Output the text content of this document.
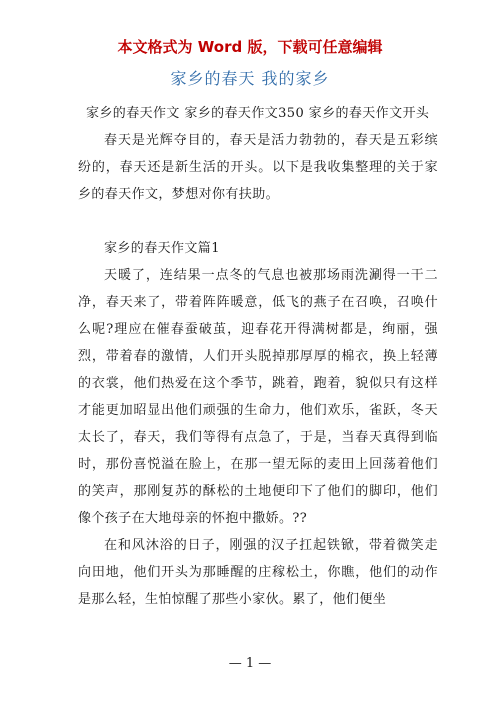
本文格式为 Word 版，下载可任意编辑
家乡的春天 我的家乡

家乡的春天作文 家乡的春天作文350 家乡的春天作文开头

春天是光辉夺目的，春天是活力勃勃的，春天是五彩缤纷的，春天还是新生活的开头。以下是我收集整理的关于家乡的春天作文，梦想对你有扶助。

家乡的春天作文篇1

天暖了，连结果一点冬的气息也被那场雨洗涮得一干二净，春天来了，带着阵阵暖意，低飞的燕子在召唤，召唤什么呢?理应在催春蚕破茧，迎春花开得满树都是，绚丽，强烈，带着春的激情，人们开头脱掉那厚厚的棉衣，换上轻薄的衣裳，他们热爱在这个季节，跳着，跑着，貌似只有这样才能更加昭显出他们顽强的生命力，他们欢乐，雀跃，冬天太长了，春天，我们等得有点急了，于是，当春天真得到临时，那份喜悦溢在脸上，在那一望无际的麦田上回荡着他们的笑声，那刚复苏的酥松的土地便印下了他们的脚印，他们像个孩子在大地母亲的怀抱中撒娇。??

在和风沐浴的日子，刚强的汉子扛起铁锨，带着微笑走向田地，他们开头为那睡醒的庄稼松土，你瞧，他们的动作是那么轻，生怕惊醒了那些小家伙。累了，他们便坐

— 1 —
